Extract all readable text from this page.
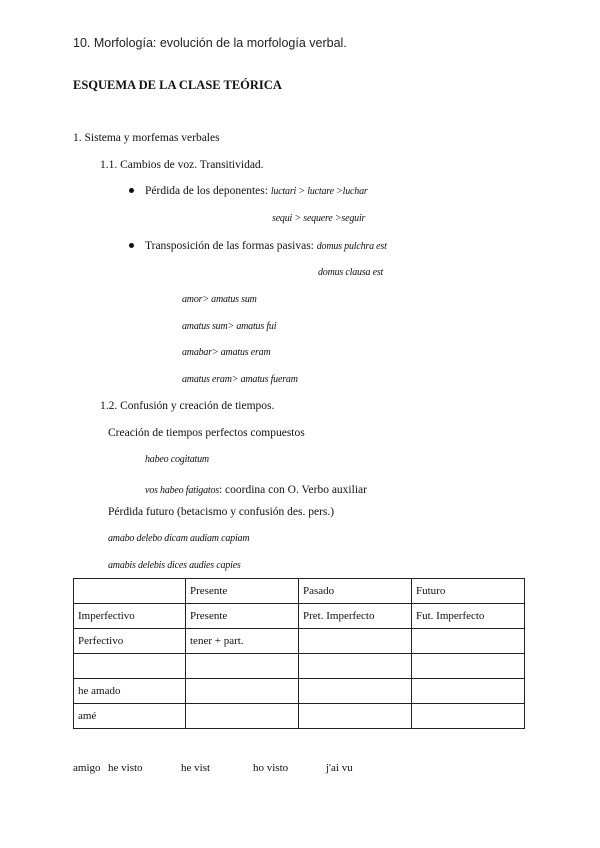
10. Morfología: evolución de la morfología verbal.
ESQUEMA DE LA CLASE TEÓRICA
1. Sistema y morfemas verbales
1.1. Cambios de voz. Transitividad.
Pérdida de los deponentes: luctari > luctare >luchar
sequi > sequere >seguir
Transposición de las formas pasivas: domus pulchra est
domus clausa est
amor> amatus sum
amatus sum> amatus fui
amabar> amatus eram
amatus eram> amatus fueram
1.2. Confusión y creación de tiempos.
Creación de tiempos perfectos compuestos
habeo cogitatum
vos habeo fatigatos: coordina con O. Verbo auxiliar
Pérdida futuro (betacismo y confusión des. pers.)
amabo delebo dicam audiam capiam
amabis delebis dices audies capies
	Presente	Pasado	Futuro
Imperfectivo	Presente	Pret. Imperfecto	Fut. Imperfecto
Perfectivo	tener + part.		

he amado			
amé			
amigo he visto	he vist	ho visto	j'ai vu
